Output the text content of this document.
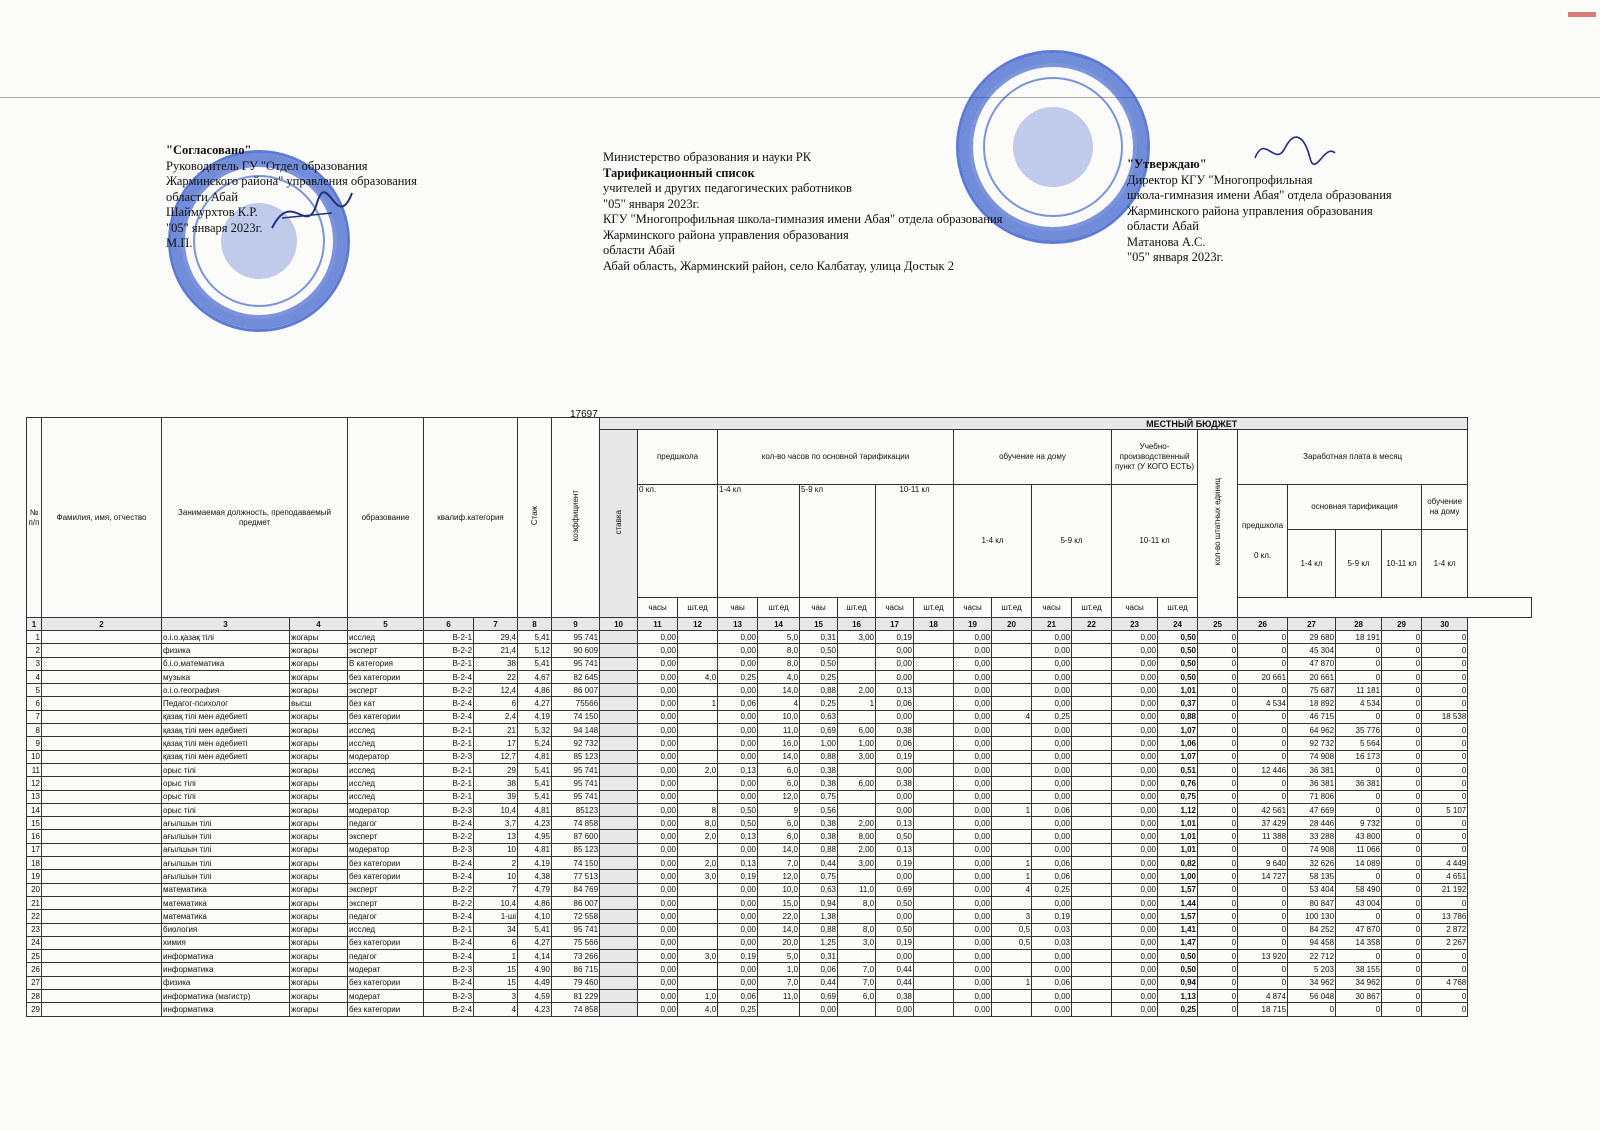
"Согласовано"
Руководитель ГУ "Отдел образования
Жарминского района" управления образования
области Абай
Шаймурхтов К.Р.
"05" января 2023г.
М.П.
Министерство образования и науки РК
Тарификационный список
учителей и других педагогических работников
"05" января 2023г.
КГУ "Многопрофильная школа-гимназия имени Абая" отдела образования
Жарминского района управления образования
области Абай
Абай область, Жарминский район, село Калбатау, улица Достык 2
"Утверждаю"
Директор КГУ "Многопрофильная
школа-гимназия имени Абая" отдела образования
Жарминского района управления образования
области Абай
Матанова А.С.
"05" января 2023г.
17697
№ п/п	Фамилия, имя, отчество	Занимаемая должность, преподаваемый предмет		образование	квалиф.категория		Стаж	коэффициент	МЕСТНЫЙ БЮДЖЕТ																				
									ставка	предшкола		кол-во часов по основной тарификации						обучение на дому				Учебно-производственный пункт (У КОГО ЕСТЬ)		кол-во штатных единиц	Заработная плата в месяц				
										0 кл.		1-4 кл		5-9 кл		10-11 кл		1-4 кл		5-9 кл		10-11 кл			предшкола

0 кл.	основная тарификация			обучение на дому
																										1-4 кл	5-9 кл	10-11 кл	1-4 кл
										часы	шт.ед	чаы	шт.ед	чаы	шт.ед	часы	шт.ед	часы	шт.ед	часы	шт.ед	часы	шт.ед						
1	2	3	4	5	6	7	8	9	10	11	12	13	14	15	16	17	18	19	20	21	22	23	24	25	26	27	28	29	30
1		о.і.о.қазақ тілі	жогары	исслед	В-2-1	29,4	5,41	95 741		0,00		0,00	5,0	0,31	3,00	0,19		0,00		0,00		0,00	0,50	0	0	29 680	18 191	0	0
2		физика	жогары	эксперт	В-2-2	21,4	5,12	90 609		0,00		0,00	8,0	0,50		0,00		0,00		0,00		0,00	0,50	0	0	45 304	0	0	0
3		б.і.о.математика	жогары	В категория	В-2-1	38	5,41	95 741		0,00		0,00	8,0	0,50		0,00		0,00		0,00		0,00	0,50	0	0	47 870	0	0	0
4		музыка	жогары	без категории	В-2-4	22	4,67	82 645		0,00	4,0	0,25	4,0	0,25		0,00		0,00		0,00		0,00	0,50	0	20 661	20 661	0	0	0
5		о.і.о.география	жогары	эксперт	В-2-2	12,4	4,86	86 007		0,00		0,00	14,0	0,88	2,00	0,13		0,00		0,00		0,00	1,01	0	0	75 687	11 181	0	0
6		Педагог-психолог	высш	без кат	В-2-4	6	4,27	75566		0,00	1	0,06	4	0,25	1	0,06		0,00		0,00		0,00	0,37	0	4 534	18 892	4 534	0	0
7		қазақ тілі мен әдебиеті	жогары	без категории	В-2-4	2,4	4,19	74 150		0,00		0,00	10,0	0,63		0,00		0,00	4	0,25		0,00	0,88	0	0	46 715	0	0	18 538
8		қазақ тілі мен әдебиеті	жогары	исслед	В-2-1	21	5,32	94 148		0,00		0,00	11,0	0,69	6,00	0,38		0,00		0,00		0,00	1,07	0	0	64 962	35 776	0	0
9		қазақ тілі мен әдебиеті	жогары	исслед	В-2-1	17	5,24	92 732		0,00		0,00	16,0	1,00	1,00	0,06		0,00		0,00		0,00	1,06	0	0	92 732	5 564	0	0
10		қазақ тілі мен әдебиеті	жогары	модератор	В-2-3	12,7	4,81	85 123		0,00		0,00	14,0	0,88	3,00	0,19		0,00		0,00		0,00	1,07	0	0	74 908	16 173	0	0
11		орыс тілі	жогары	исслед	В-2-1	29	5,41	95 741		0,00	2,0	0,13	6,0	0,38		0,00		0,00		0,00		0,00	0,51	0	12 446	36 381	0	0	0
12		орыс тілі	жогары	исслед	В-2-1	38	5,41	95 741		0,00		0,00	6,0	0,38	6,00	0,38		0,00		0,00		0,00	0,76	0	0	36 381	36 381	0	0
13		орыс тілі	жогары	исслед	В-2-1	39	5,41	95 741		0,00		0,00	12,0	0,75		0,00		0,00		0,00		0,00	0,75	0	0	71 806	0	0	0
14		орыс тілі	жогары	модератор	В-2-3	10,4	4,81	85123		0,00	8	0,50	9	0,56		0,00		0,00	1	0,06		0,00	1,12	0	42 561	47 669	0	0	5 107
15		ағылшын тілі	жогары	педагог	В-2-4	3,7	4,23	74 858		0,00	8,0	0,50	6,0	0,38	2,00	0,13		0,00		0,00		0,00	1,01	0	37 429	28 446	9 732	0	0
16		ағылшын тілі	жогары	эксперт	В-2-2	13	4,95	87 600		0,00	2,0	0,13	6,0	0,38	8,00	0,50		0,00		0,00		0,00	1,01	0	11 388	33 288	43 800	0	0
17		ағылшын тілі	жогары	модератор	В-2-3	10	4,81	85 123		0,00		0,00	14,0	0,88	2,00	0,13		0,00		0,00		0,00	1,01	0	0	74 908	11 066	0	0
18		ағылшын тілі	жогары	без категории	В-2-4	2	4,19	74 150		0,00	2,0	0,13	7,0	0,44	3,00	0,19		0,00	1	0,06		0,00	0,82	0	9 640	32 626	14 089	0	4 449
19		ағылшын тілі	жогары	без категории	В-2-4	10	4,38	77 513		0,00	3,0	0,19	12,0	0,75		0,00		0,00	1	0,06		0,00	1,00	0	14 727	58 135	0	0	4 651
20		математика	жогары	эксперт	В-2-2	7	4,79	84 769		0,00		0,00	10,0	0,63	11,0	0,69		0,00	4	0,25		0,00	1,57	0	0	53 404	58 490	0	21 192
21		математика	жогары	эксперт	В-2-2	10,4	4,86	86 007		0,00		0,00	15,0	0,94	8,0	0,50		0,00		0,00		0,00	1,44	0	0	80 847	43 004	0	0
22		математика	жогары	педагог	В-2-4	1-ші	4,10	72 558		0,00		0,00	22,0	1,38		0,00		0,00	3	0,19		0,00	1,57	0	0	100 130	0	0	13 786
23		биология	жогары	исслед	В-2-1	34	5,41	95 741		0,00		0,00	14,0	0,88	8,0	0,50		0,00	0,5	0,03		0,00	1,41	0	0	84 252	47 870	0	2 872
24		химия	жогары	без категории	В-2-4	6	4,27	75 566		0,00		0,00	20,0	1,25	3,0	0,19		0,00	0,5	0,03		0,00	1,47	0	0	94 458	14 358	0	2 267
25		информатика	жогары	педагог	В-2-4	1	4,14	73 266		0,00	3,0	0,19	5,0	0,31		0,00		0,00		0,00		0,00	0,50	0	13 920	22 712	0	0	0
26		информатика	жогары	модерат	В-2-3	15	4,90	86 715		0,00		0,00	1,0	0,06	7,0	0,44		0,00		0,00		0,00	0,50	0	0	5 203	38 155	0	0
27		физика	жогары	без категории	В-2-4	15	4,49	79 460		0,00		0,00	7,0	0,44	7,0	0,44		0,00	1	0,06		0,00	0,94	0	0	34 962	34 962	0	4 768
28		информатика (магистр)	жогары	модерат	В-2-3	3	4,59	81 229		0,00	1,0	0,06	11,0	0,69	6,0	0,38		0,00		0,00		0,00	1,13	0	4 874	56 048	30 867	0	0
29		информатика	жогары	без категории	В-2-4	4	4,23	74 858		0,00	4,0	0,25		0,00		0,00		0,00		0,00		0,00	0,25	0	18 715	0	0	0	0
